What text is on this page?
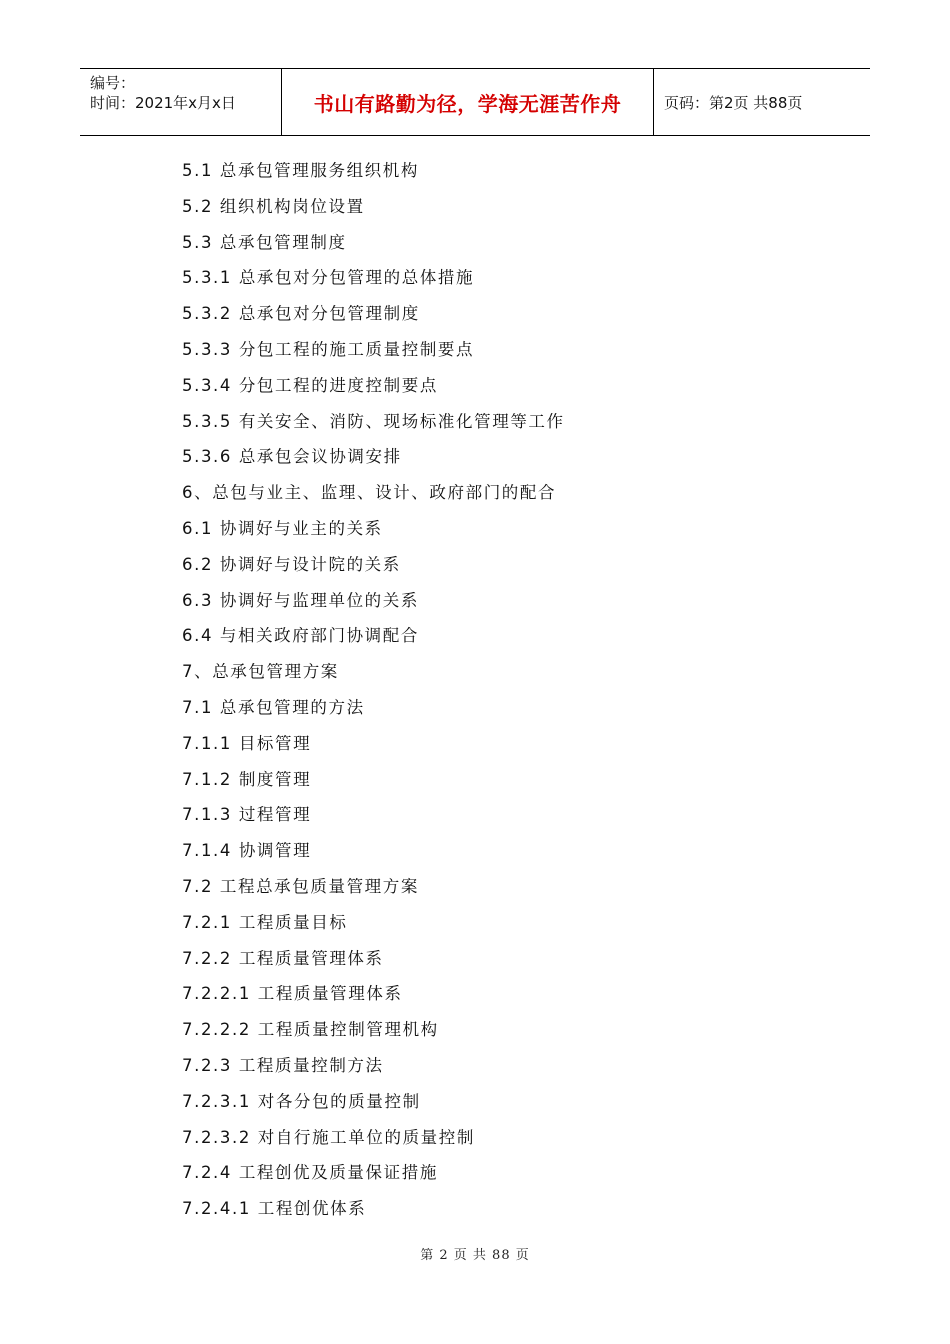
编号：
时间：2021年x月x日	书山有路勤为径，学海无涯苦作舟	页码：第2页 共88页
5.1 总承包管理服务组织机构
5.2 组织机构岗位设置
5.3 总承包管理制度
5.3.1 总承包对分包管理的总体措施
5.3.2 总承包对分包管理制度
5.3.3 分包工程的施工质量控制要点
5.3.4 分包工程的进度控制要点
5.3.5 有关安全、消防、现场标准化管理等工作
5.3.6 总承包会议协调安排
6、总包与业主、监理、设计、政府部门的配合
6.1 协调好与业主的关系
6.2 协调好与设计院的关系
6.3 协调好与监理单位的关系
6.4 与相关政府部门协调配合
7、总承包管理方案
7.1 总承包管理的方法
7.1.1 目标管理
7.1.2 制度管理
7.1.3 过程管理
7.1.4 协调管理
7.2 工程总承包质量管理方案
7.2.1 工程质量目标
7.2.2 工程质量管理体系
7.2.2.1 工程质量管理体系
7.2.2.2 工程质量控制管理机构
7.2.3 工程质量控制方法
7.2.3.1 对各分包的质量控制
7.2.3.2 对自行施工单位的质量控制
7.2.4 工程创优及质量保证措施
7.2.4.1 工程创优体系
第 2 页 共 88 页
